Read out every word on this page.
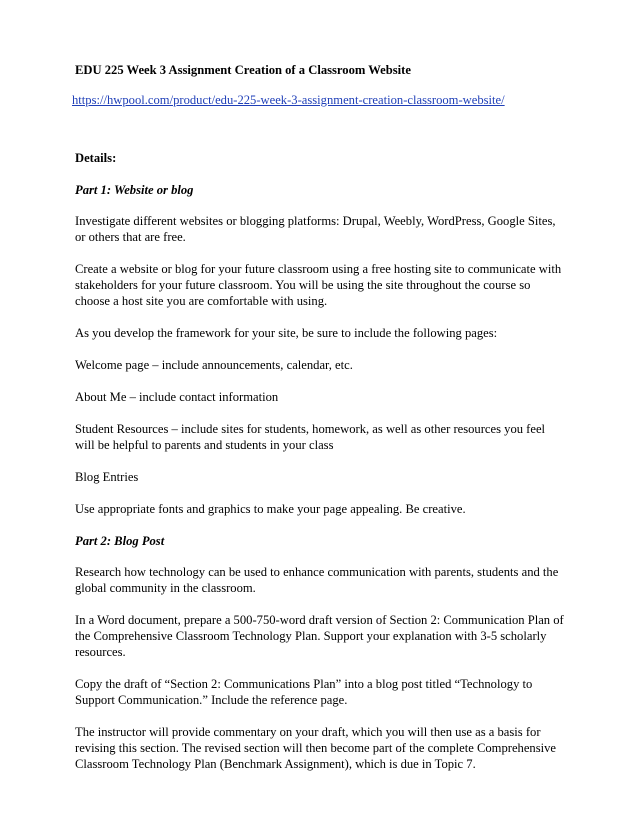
EDU 225 Week 3 Assignment Creation of a Classroom Website
https://hwpool.com/product/edu-225-week-3-assignment-creation-classroom-website/
Details:
Part 1: Website or blog
Investigate different websites or blogging platforms: Drupal, Weebly, WordPress, Google Sites,
or others that are free.
Create a website or blog for your future classroom using a free hosting site to communicate with
stakeholders for your future classroom. You will be using the site throughout the course so
choose a host site you are comfortable with using.
As you develop the framework for your site, be sure to include the following pages:
Welcome page – include announcements, calendar, etc.
About Me – include contact information
Student Resources – include sites for students, homework, as well as other resources you feel
will be helpful to parents and students in your class
Blog Entries
Use appropriate fonts and graphics to make your page appealing. Be creative.
Part 2: Blog Post
Research how technology can be used to enhance communication with parents, students and the
global community in the classroom.
In a Word document, prepare a 500-750-word draft version of Section 2: Communication Plan of
the Comprehensive Classroom Technology Plan. Support your explanation with 3-5 scholarly
resources.
Copy the draft of “Section 2: Communications Plan” into a blog post titled “Technology to
Support Communication.” Include the reference page.
The instructor will provide commentary on your draft, which you will then use as a basis for
revising this section. The revised section will then become part of the complete Comprehensive
Classroom Technology Plan (Benchmark Assignment), which is due in Topic 7.
